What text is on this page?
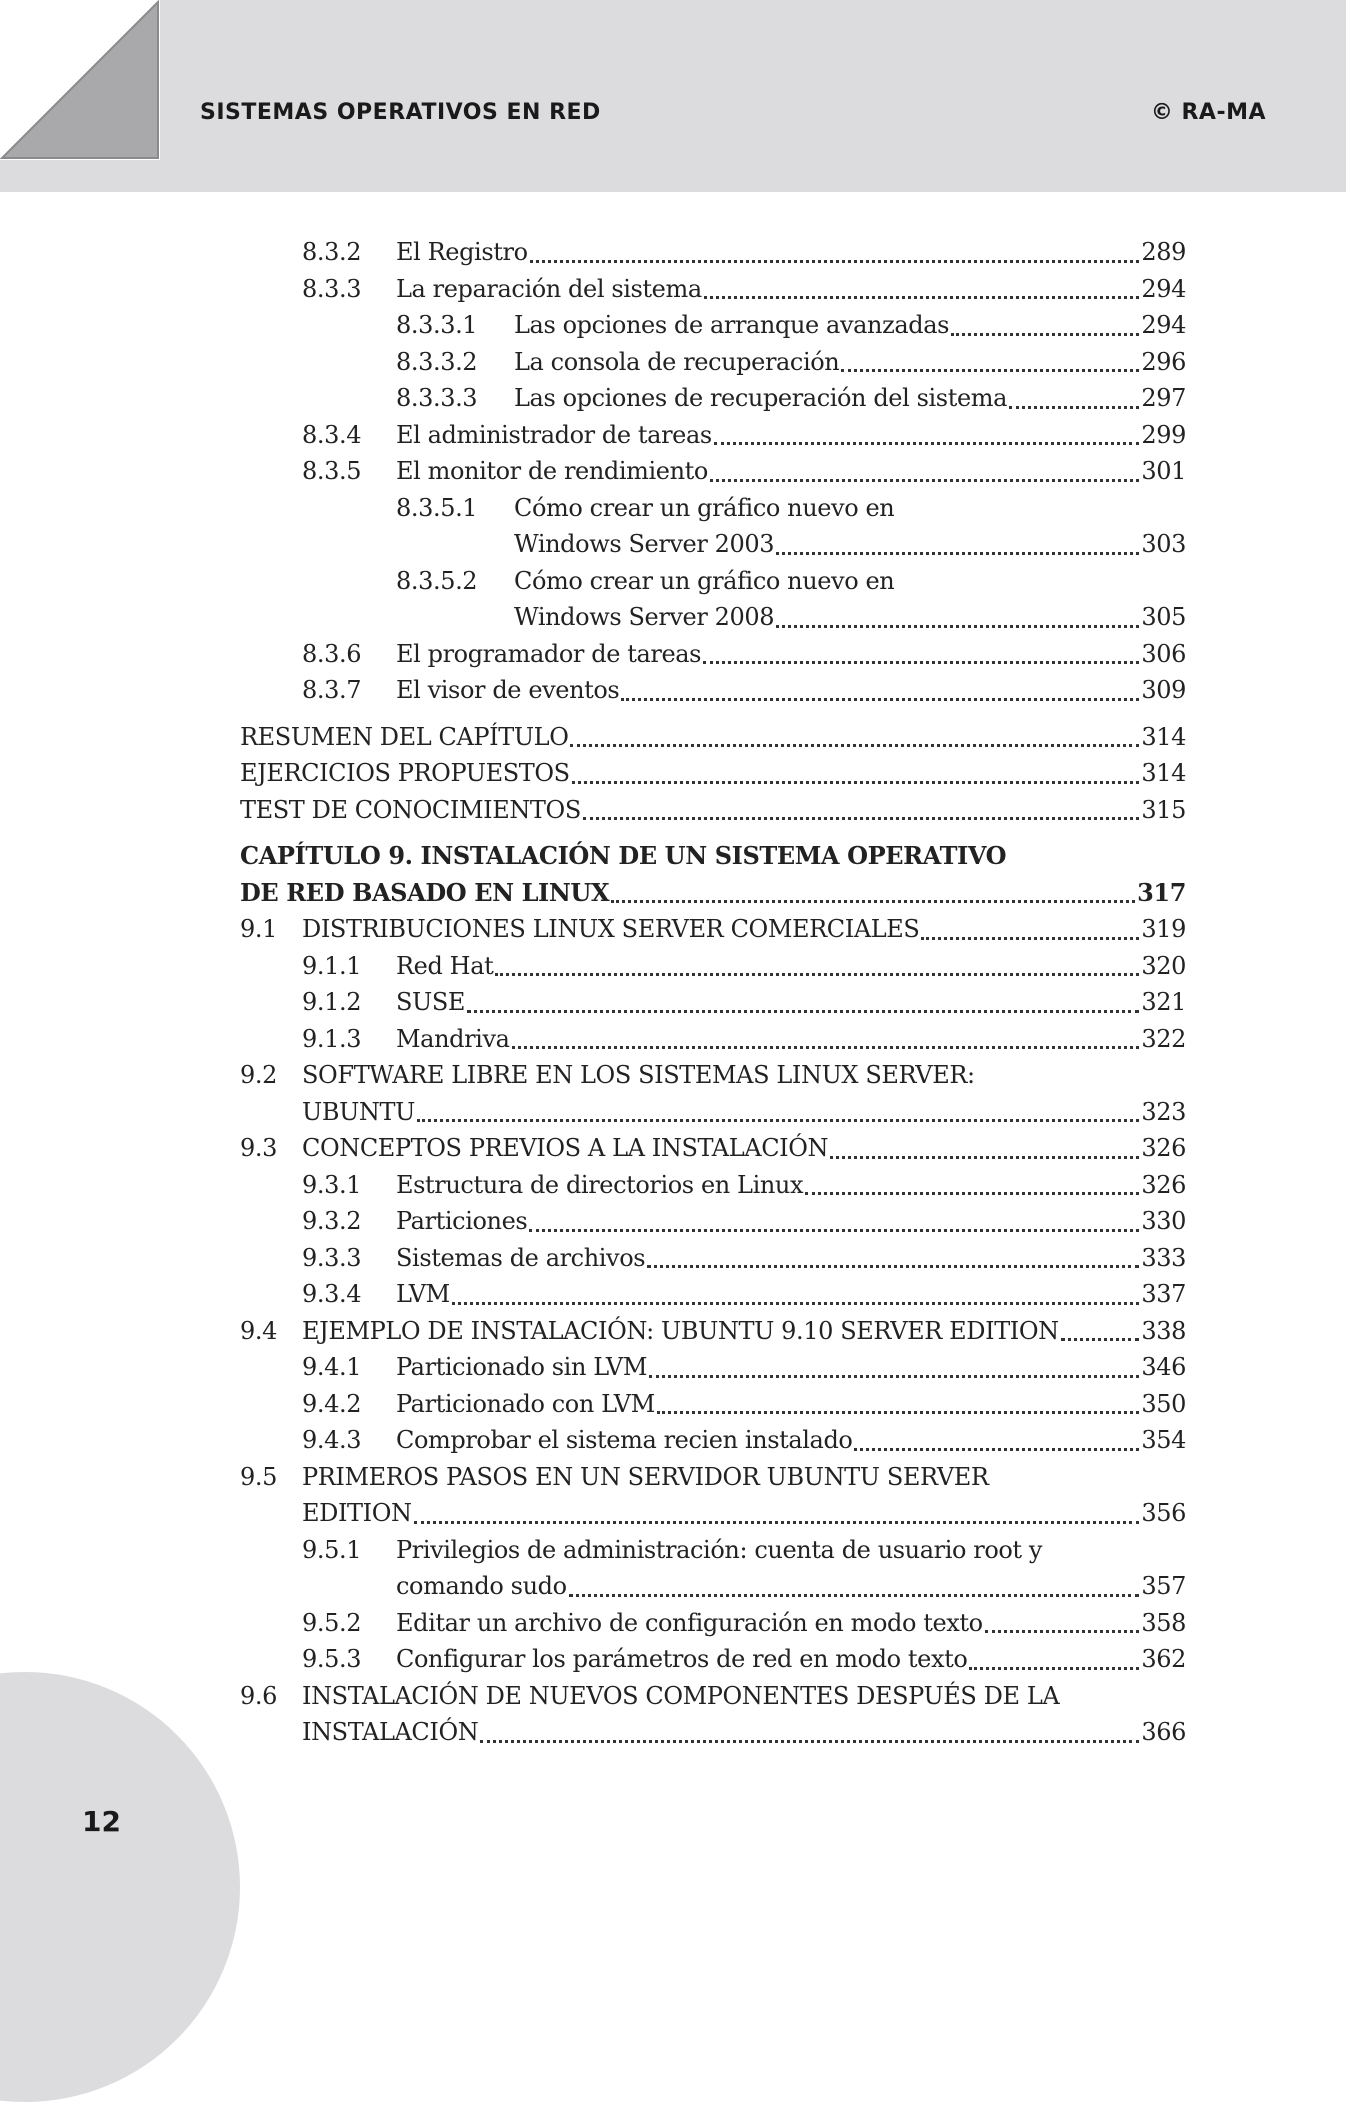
SISTEMAS OPERATIVOS EN RED	© RA-MA
12
8.3.2	El Registro	289
8.3.3	La reparación del sistema	294
8.3.3.1	Las opciones de arranque avanzadas	294
8.3.3.2	La consola de recuperación	296
8.3.3.3	Las opciones de recuperación del sistema	297
8.3.4	El administrador de tareas	299
8.3.5	El monitor de rendimiento	301
8.3.5.1	Cómo crear un gráfico nuevo en
Windows Server 2003	303
8.3.5.2	Cómo crear un gráfico nuevo en
Windows Server 2008	305
8.3.6	El programador de tareas	306
8.3.7	El visor de eventos	309
RESUMEN DEL CAPÍTULO	314
EJERCICIOS PROPUESTOS	314
TEST DE CONOCIMIENTOS	315
CAPÍTULO 9. INSTALACIÓN DE UN SISTEMA OPERATIVO
DE RED BASADO EN LINUX	317
9.1	DISTRIBUCIONES LINUX SERVER COMERCIALES	319
9.1.1	Red Hat	320
9.1.2	SUSE	321
9.1.3	Mandriva	322
9.2	SOFTWARE LIBRE EN LOS SISTEMAS LINUX SERVER:
UBUNTU	323
9.3	CONCEPTOS PREVIOS A LA INSTALACIÓN	326
9.3.1	Estructura de directorios en Linux	326
9.3.2	Particiones	330
9.3.3	Sistemas de archivos	333
9.3.4	LVM	337
9.4	EJEMPLO DE INSTALACIÓN: UBUNTU 9.10 SERVER EDITION	338
9.4.1	Particionado sin LVM	346
9.4.2	Particionado con LVM	350
9.4.3	Comprobar el sistema recien instalado	354
9.5	PRIMEROS PASOS EN UN SERVIDOR UBUNTU SERVER
EDITION	356
9.5.1	Privilegios de administración: cuenta de usuario root y
comando sudo	357
9.5.2	Editar un archivo de configuración en modo texto	358
9.5.3	Configurar los parámetros de red en modo texto	362
9.6	INSTALACIÓN DE NUEVOS COMPONENTES DESPUÉS DE LA
INSTALACIÓN	366
